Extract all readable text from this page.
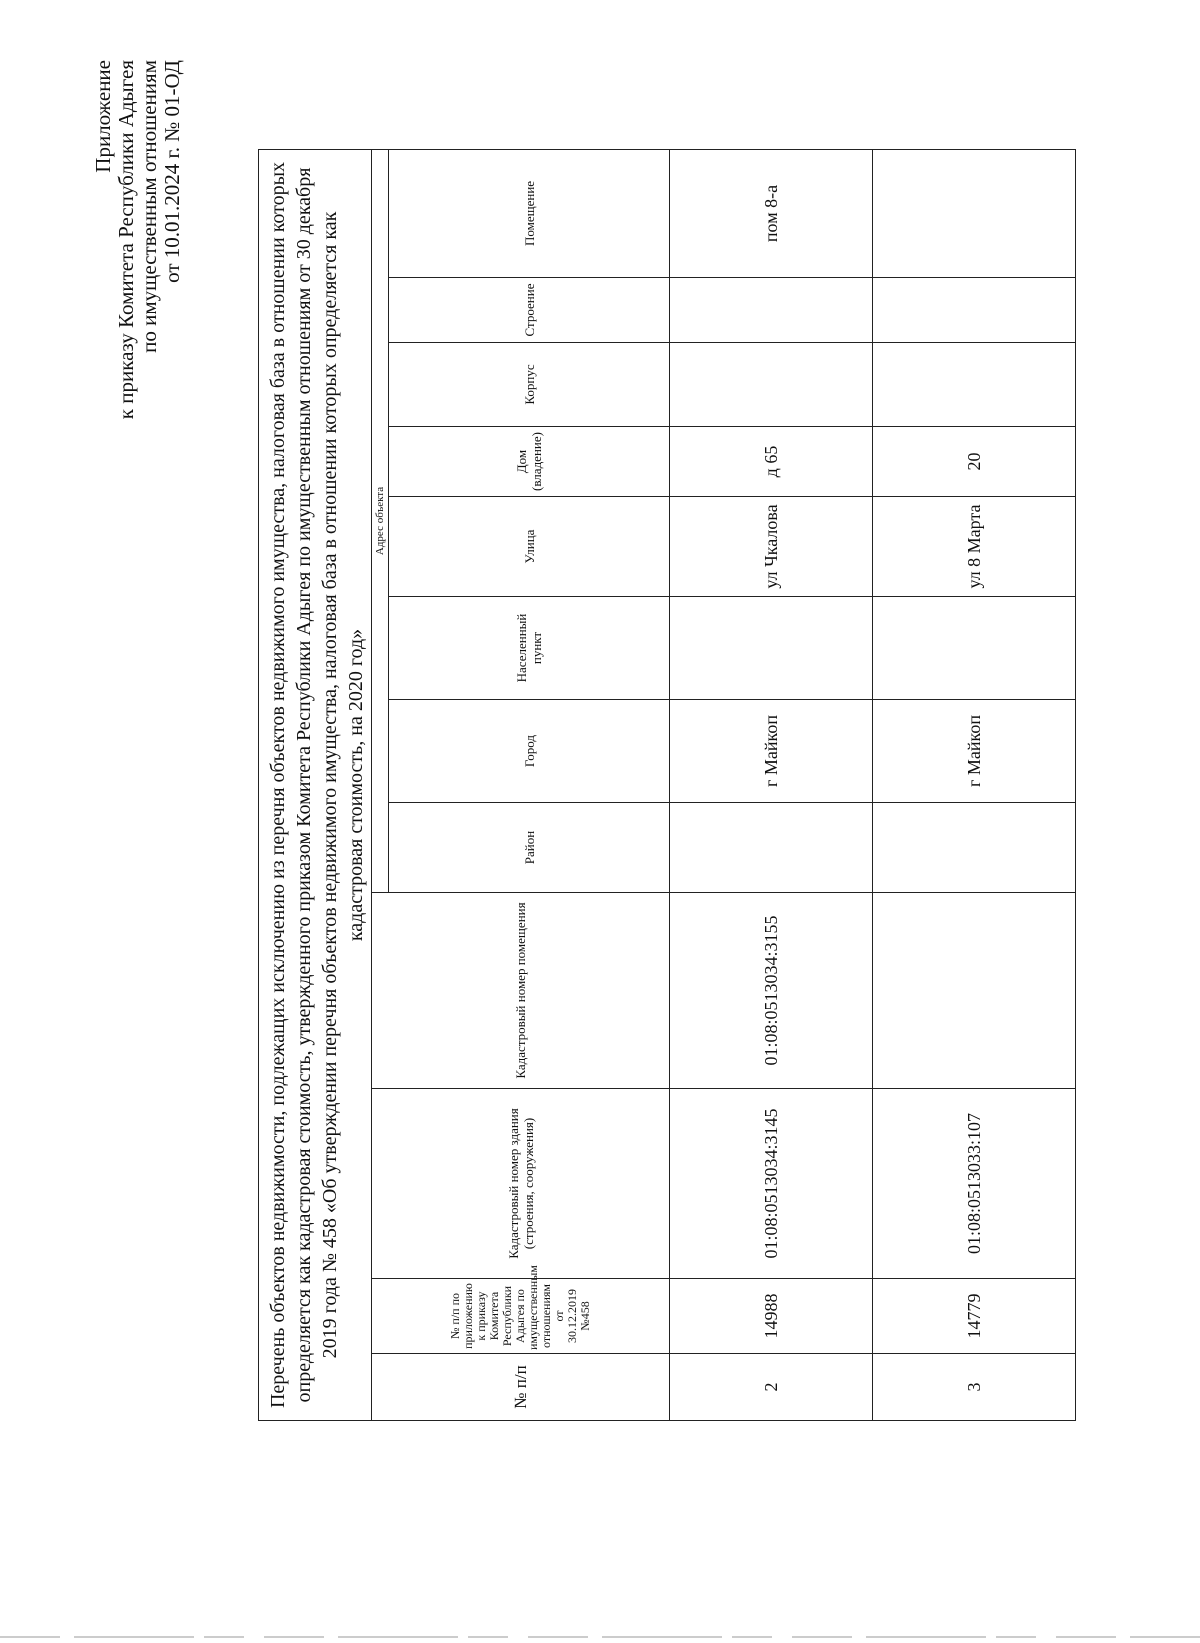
Приложение к приказу Комитета Республики Адыгея по имущественным отношениям от 10.01.2024 г. № 01-ОД	Перечень объектов недвижимости, подлежащих исключению из перечня объектов недвижимого имущества, налоговая база в отношении которых определяется как кадастровая стоимость, утвержденного приказом Комитета Республики Адыгея по имущественным отношениям от 30 декабря 2019 года № 458 «Об утверждении перечня объектов недвижимого имущества, налоговая база в отношении которых определяется как кадастровая стоимость, на 2020 год»											
№ п/п	№ п/п по приложению к приказу Комитета Республики Адыгея по имущественным отношениям от 30.12.2019 №458	Кадастровый номер здания (строения, сооружения)	Кадастровый номер помещения	Адрес объекта							
				Район	Город	Населенный пункт	Улица	Дом (владение)	Корпус	Строение	Помещение
2	14988	01:08:0513034:3145	01:08:0513034:3155		г Майкоп		ул Чкалова	д 65			пом 8-а
3	14779	01:08:0513033:107			г Майкоп		ул 8 Марта	20			
